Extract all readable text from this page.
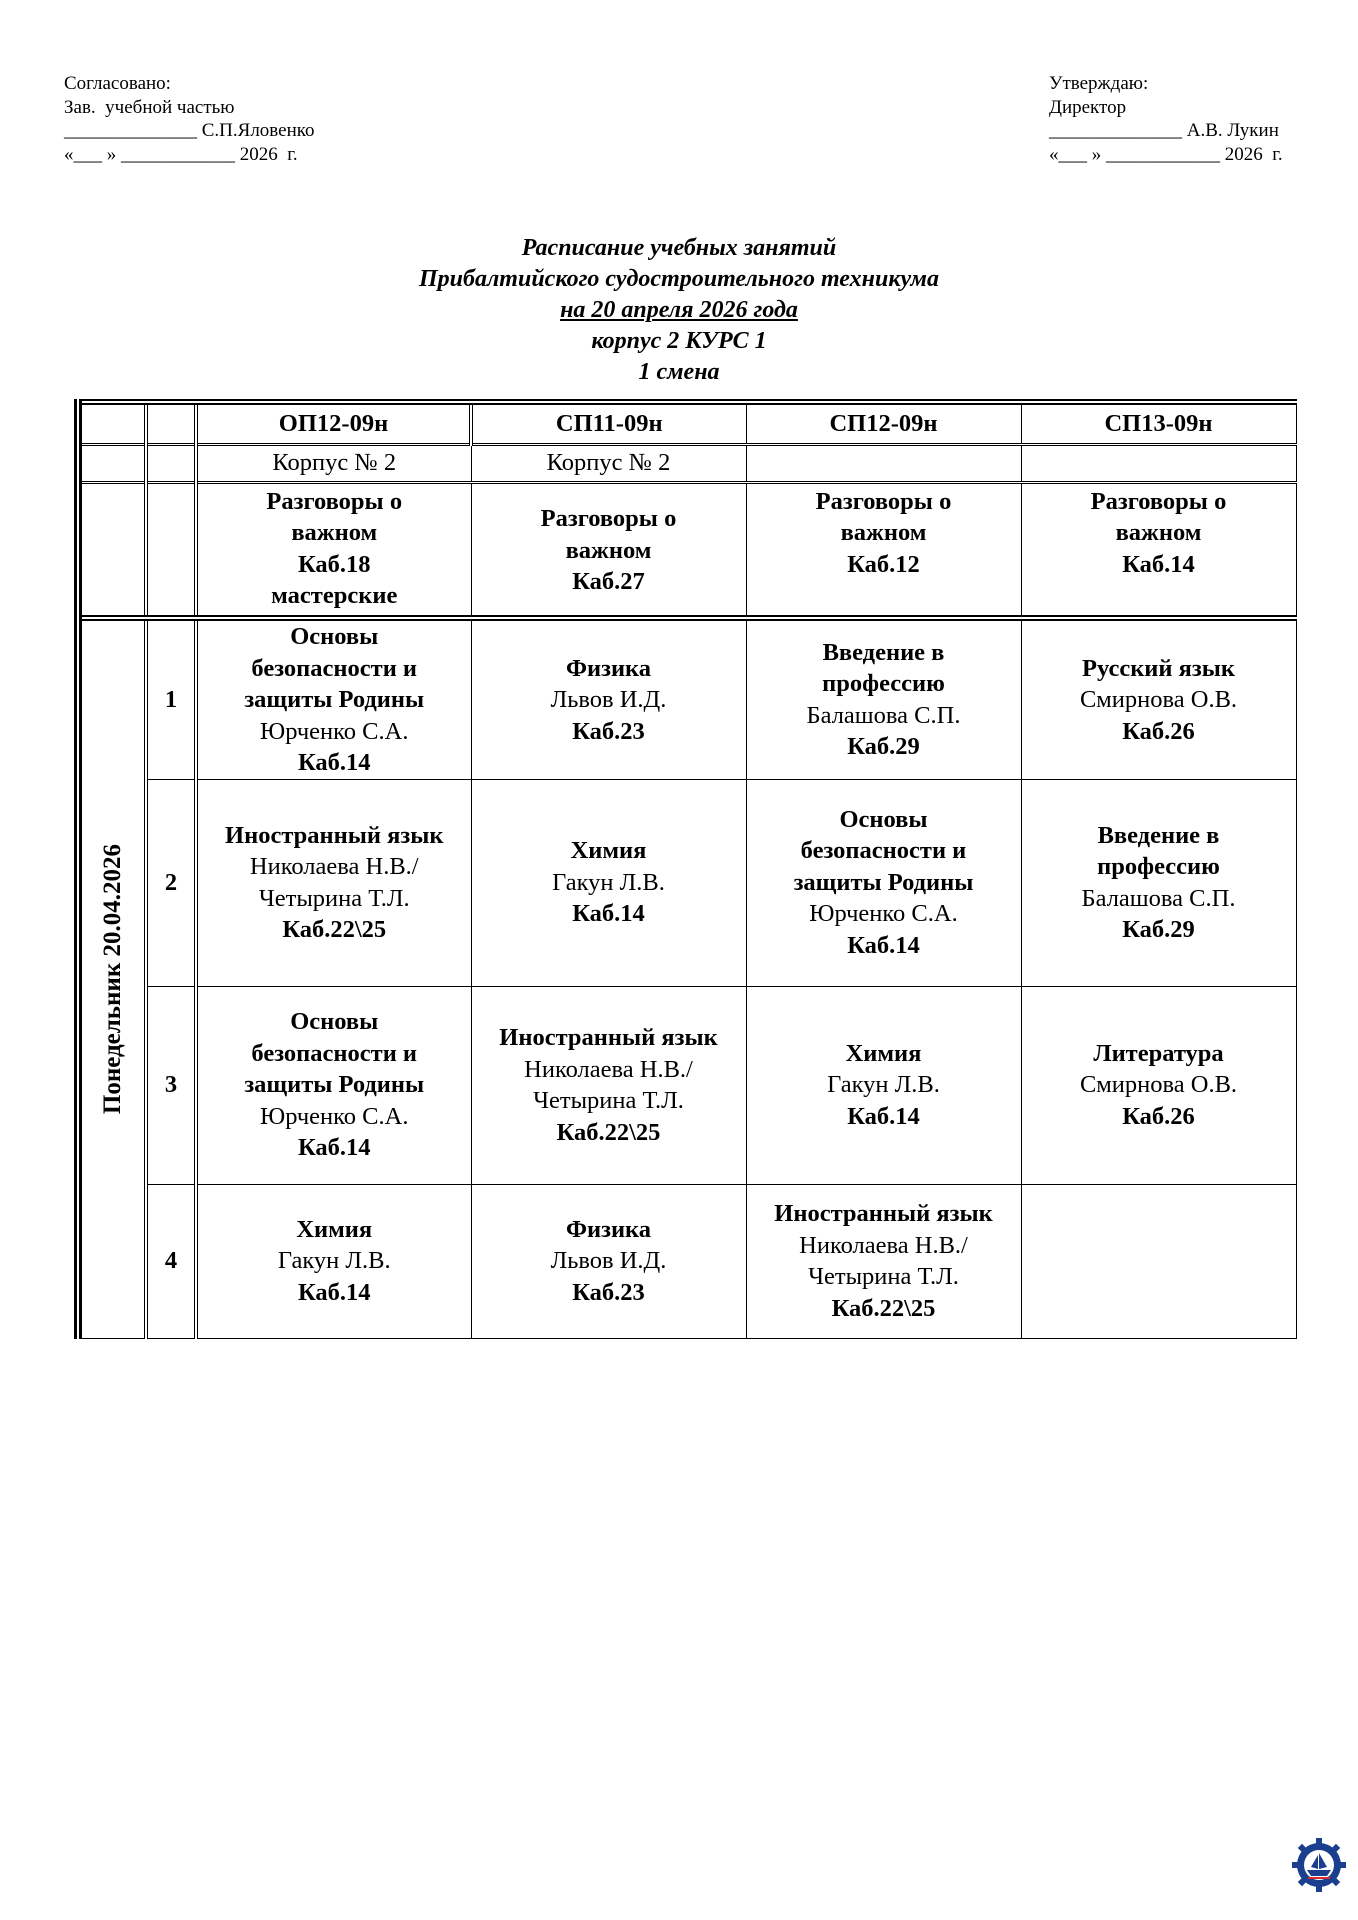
Согласовано:
Зав.  учебной частью
______________ С.П.Яловенко
«___ » ____________ 2026  г.
Утверждаю:
Директор
______________ А.В. Лукин
«___ » ____________ 2026  г.
Расписание учебных занятий
Прибалтийского судостроительного техникума
на 20 апреля 2026 года
корпус 2 КУРС 1
1 смена
		ОП12-09н	СП11-09н	СП12-09н	СП13-09н
		Корпус № 2	Корпус № 2		

		Разговоры о
важном
Каб.18
мастерские	Разговоры о
важном
Каб.27	Разговоры о
важном
Каб.12	Разговоры о
важном
Каб.14

Понедельник 20.04.2026	1	Основы
безопасности и
защиты Родины
Юрченко С.А.
Каб.14	Физика
Львов И.Д.
Каб.23	Введение в
профессию
Балашова С.П.
Каб.29	Русский язык
Смирнова О.В.
Каб.26

	2	Иностранный язык
Николаева Н.В./
Четырина Т.Л.
Каб.22\25	Химия
Гакун Л.В.
Каб.14	Основы
безопасности и
защиты Родины
Юрченко С.А.
Каб.14	Введение в
профессию
Балашова С.П.
Каб.29

	3	Основы
безопасности и
защиты Родины
Юрченко С.А.
Каб.14	Иностранный язык
Николаева Н.В./
Четырина Т.Л.
Каб.22\25	Химия
Гакун Л.В.
Каб.14	Литература
Смирнова О.В.
Каб.26

	4	Химия
Гакун Л.В.
Каб.14	Физика
Львов И.Д.
Каб.23	Иностранный язык
Николаева Н.В./
Четырина Т.Л.
Каб.22\25	
